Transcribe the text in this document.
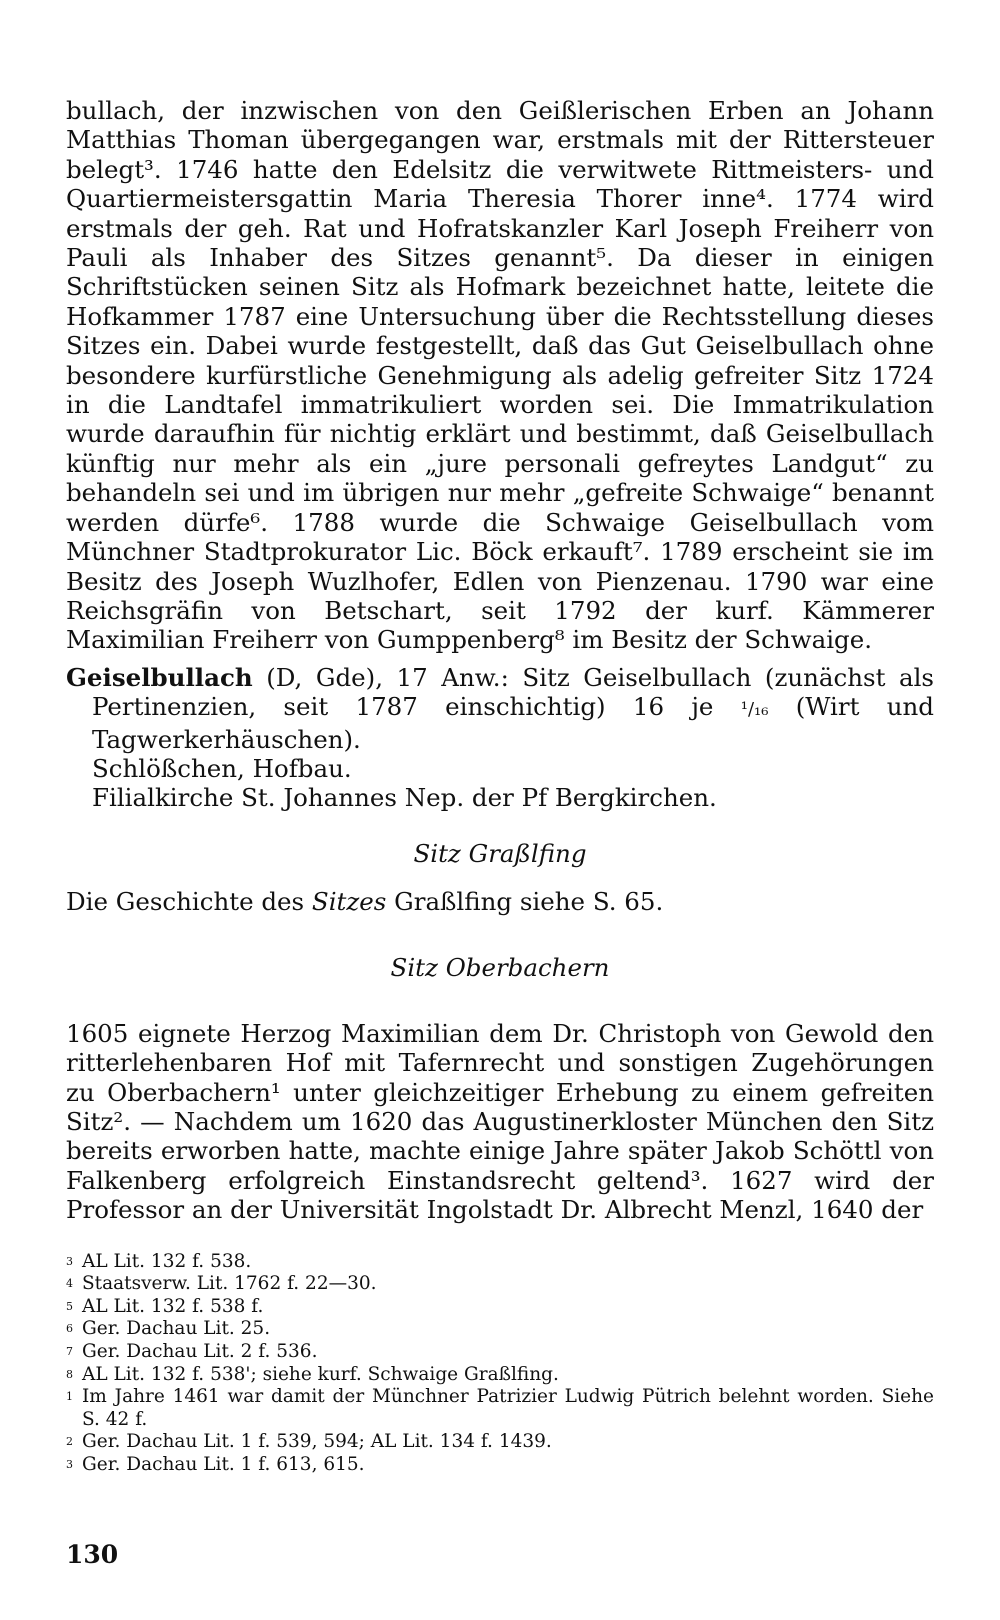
bullach, der inzwischen von den Geißlerischen Erben an Johann Matthias Thoman übergegangen war, erstmals mit der Rittersteuer belegt³. 1746 hatte den Edelsitz die verwitwete Rittmeisters- und Quartiermeistersgattin Maria Theresia Thorer inne⁴. 1774 wird erstmals der geh. Rat und Hofratskanzler Karl Joseph Freiherr von Pauli als Inhaber des Sitzes genannt⁵. Da dieser in einigen Schriftstücken seinen Sitz als Hofmark bezeichnet hatte, leitete die Hofkammer 1787 eine Untersuchung über die Rechtsstellung dieses Sitzes ein. Dabei wurde festgestellt, daß das Gut Geiselbullach ohne besondere kurfürstliche Genehmigung als adelig gefreiter Sitz 1724 in die Landtafel immatrikuliert worden sei. Die Immatrikulation wurde daraufhin für nichtig erklärt und bestimmt, daß Geiselbullach künftig nur mehr als ein „jure personali gefreytes Landgut“ zu behandeln sei und im übrigen nur mehr „gefreite Schwaige“ benannt werden dürfe⁶. 1788 wurde die Schwaige Geiselbullach vom Münchner Stadtprokurator Lic. Böck erkauft⁷. 1789 erscheint sie im Besitz des Joseph Wuzlhofer, Edlen von Pienzenau. 1790 war eine Reichsgräfin von Betschart, seit 1792 der kurf. Kämmerer Maximilian Freiherr von Gumppenberg⁸ im Besitz der Schwaige.

Geiselbullach (D, Gde), 17 Anw.: Sitz Geiselbullach (zunächst als Pertinenzien, seit 1787 einschichtig) 16 je ¹/₁₆ (Wirt und Tagwerkerhäuschen).
Schlößchen, Hofbau.
Filialkirche St. Johannes Nep. der Pf Bergkirchen.
Sitz Graßlfing

Die Geschichte des Sitzes Graßlfing siehe S. 65.

Sitz Oberbachern

1605 eignete Herzog Maximilian dem Dr. Christoph von Gewold den ritterlehenbaren Hof mit Tafernrecht und sonstigen Zugehörungen zu Oberbachern¹ unter gleichzeitiger Erhebung zu einem gefreiten Sitz². — Nachdem um 1620 das Augustinerkloster München den Sitz bereits erworben hatte, machte einige Jahre später Jakob Schöttl von Falkenberg erfolgreich Einstandsrecht geltend³. 1627 wird der Professor an der Universität Ingolstadt Dr. Albrecht Menzl, 1640 der

3 AL Lit. 132 f. 538.
4 Staatsverw. Lit. 1762 f. 22—30.
5 AL Lit. 132 f. 538 f.
6 Ger. Dachau Lit. 25.
7 Ger. Dachau Lit. 2 f. 536.
8 AL Lit. 132 f. 538'; siehe kurf. Schwaige Graßlfing.
1 Im Jahre 1461 war damit der Münchner Patrizier Ludwig Pütrich belehnt worden. Siehe S. 42 f.
2 Ger. Dachau Lit. 1 f. 539, 594; AL Lit. 134 f. 1439.
3 Ger. Dachau Lit. 1 f. 613, 615.
130
